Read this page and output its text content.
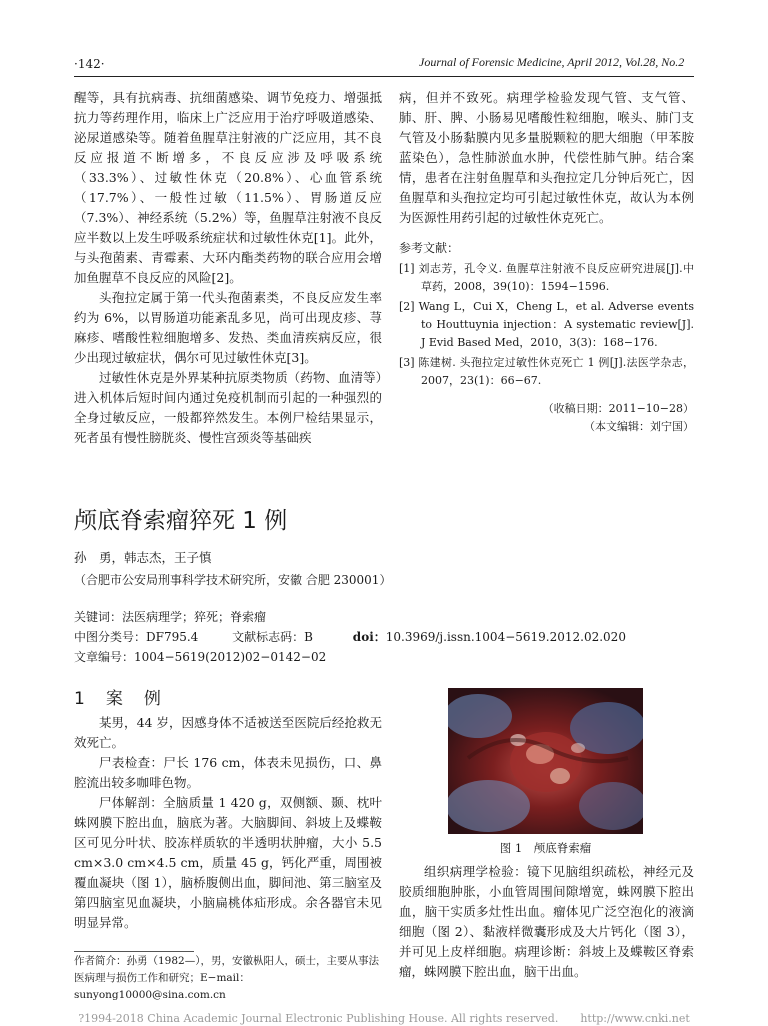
·142·	Journal of Forensic Medicine, April 2012, Vol.28, No.2

醒等，具有抗病毒、抗细菌感染、调节免疫力、增强抵抗力等药理作用，临床上广泛应用于治疗呼吸道感染、泌尿道感染等。随着鱼腥草注射液的广泛应用，其不良反应报道不断增多，不良反应涉及呼吸系统（33.3%）、过敏性休克（20.8%）、心血管系统（17.7%）、一般性过敏（11.5%）、胃肠道反应（7.3%）、神经系统（5.2%）等，鱼腥草注射液不良反应半数以上发生呼吸系统症状和过敏性休克[1]。此外，与头孢菌素、青霉素、大环内酯类药物的联合应用会增加鱼腥草不良反应的风险[2]。

头孢拉定属于第一代头孢菌素类，不良反应发生率约为 6%，以胃肠道功能紊乱多见，尚可出现皮疹、荨麻疹、嗜酸性粒细胞增多、发热、类血清疾病反应，很少出现过敏症状，偶尔可见过敏性休克[3]。

过敏性休克是外界某种抗原类物质（药物、血清等）进入机体后短时间内通过免疫机制而引起的一种强烈的全身过敏反应，一般都猝然发生。本例尸检结果显示，死者虽有慢性膀胱炎、慢性宫颈炎等基础疾

病，但并不致死。病理学检验发现气管、支气管、肺、肝、脾、小肠易见嗜酸性粒细胞，喉头、肺门支气管及小肠黏膜内见多量脱颗粒的肥大细胞（甲苯胺蓝染色），急性肺淤血水肿，代偿性肺气肿。结合案情，患者在注射鱼腥草和头孢拉定几分钟后死亡，因鱼腥草和头孢拉定均可引起过敏性休克，故认为本例为医源性用药引起的过敏性休克死亡。

参考文献：

[1] 刘志芳，孔令义. 鱼腥草注射液不良反应研究进展[J].中草药，2008，39(10)：1594−1596.

[2] Wang L，Cui X，Cheng L，et al. Adverse events to Houttuynia injection：A systematic review[J]. J Evid Based Med，2010，3(3)：168−176.

[3] 陈建树. 头孢拉定过敏性休克死亡 1 例[J].法医学杂志，2007，23(1)：66−67.

（收稿日期：2011−10−28）

（本文编辑：刘宁国）

颅底脊索瘤猝死 1 例
孙　勇，韩志杰，王子慎
（合肥市公安局刑事科学技术研究所，安徽 合肥 230001）
关键词：法医病理学；猝死；脊索瘤
中图分类号：DF795.4	文献标志码：B	doi：10.3969/j.issn.1004−5619.2012.02.020
文章编号：1004−5619(2012)02−0142−02
1　案　例

某男，44 岁，因感身体不适被送至医院后经抢救无效死亡。

尸表检查：尸长 176 cm，体表未见损伤，口、鼻腔流出较多咖啡色物。

尸体解剖：全脑质量 1 420 g，双侧额、颞、枕叶蛛网膜下腔出血，脑底为著。大脑脚间、斜坡上及蝶鞍区可见分叶状、胶冻样质软的半透明状肿瘤，大小 5.5 cm×3.0 cm×4.5 cm，质量 45 g，钙化严重，周围被覆血凝块（图 1），脑桥腹侧出血，脚间池、第三脑室及第四脑室见血凝块，小脑扁桃体疝形成。余各器官未见明显异常。

作者简介：孙勇（1982—），男，安徽枞阳人，硕士，主要从事法医病理与损伤工作和研究；E−mail：sunyong10000@sina.com.cn
图 1　颅底脊索瘤

组织病理学检验：镜下见脑组织疏松，神经元及胶质细胞肿胀，小血管周围间隙增宽，蛛网膜下腔出血，脑干实质多灶性出血。瘤体见广泛空泡化的液滴细胞（图 2）、黏液样微囊形成及大片钙化（图 3），并可见上皮样细胞。病理诊断：斜坡上及蝶鞍区脊索瘤，蛛网膜下腔出血，脑干出血。

?1994-2018 China Academic Journal Electronic Publishing House. All rights reserved.　　http://www.cnki.net
